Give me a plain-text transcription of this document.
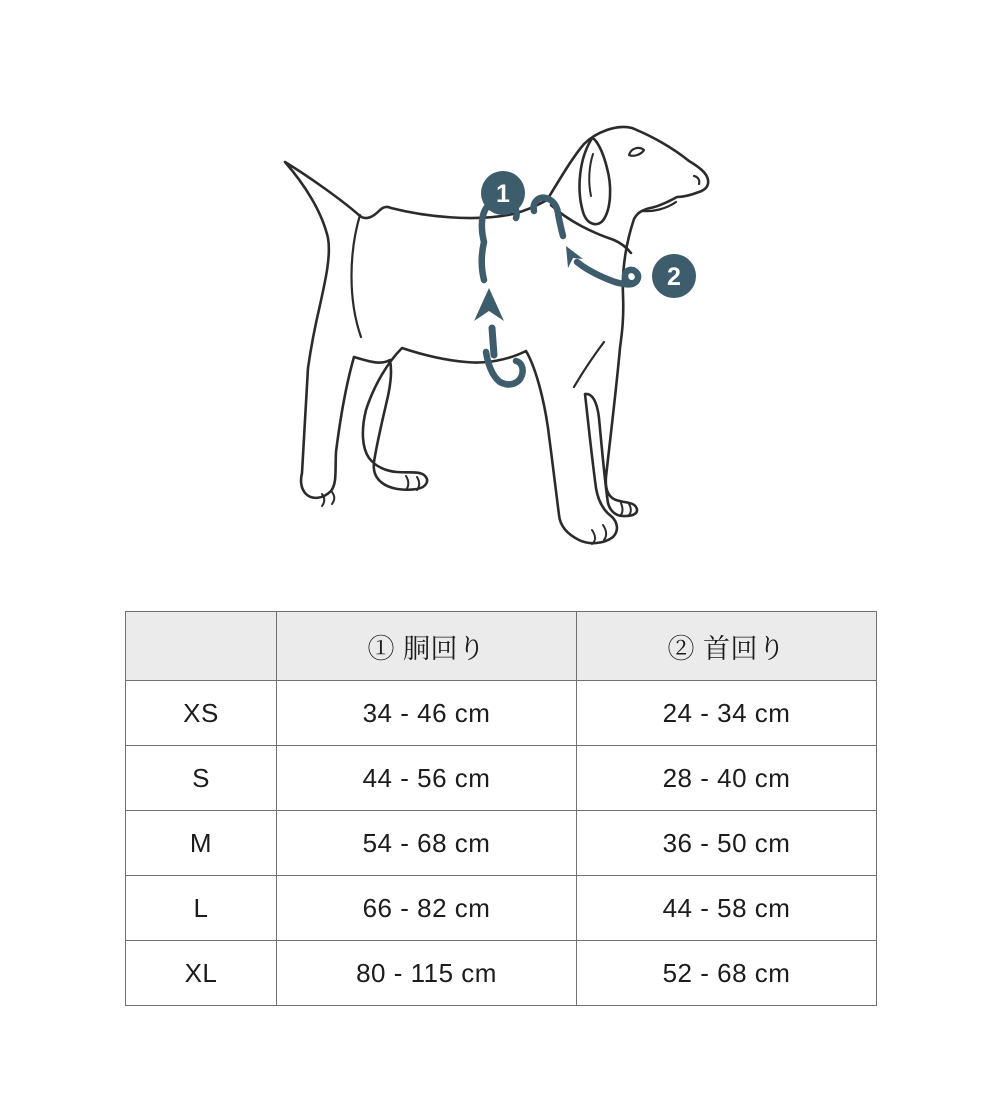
1
2
	① 胴回り	② 首回り
XS	34 - 46 cm	24 - 34 cm
S	44 - 56 cm	28 - 40 cm
M	54 - 68 cm	36 - 50 cm
L	66 - 82 cm	44 - 58 cm
XL	80 - 115 cm	52 - 68 cm
